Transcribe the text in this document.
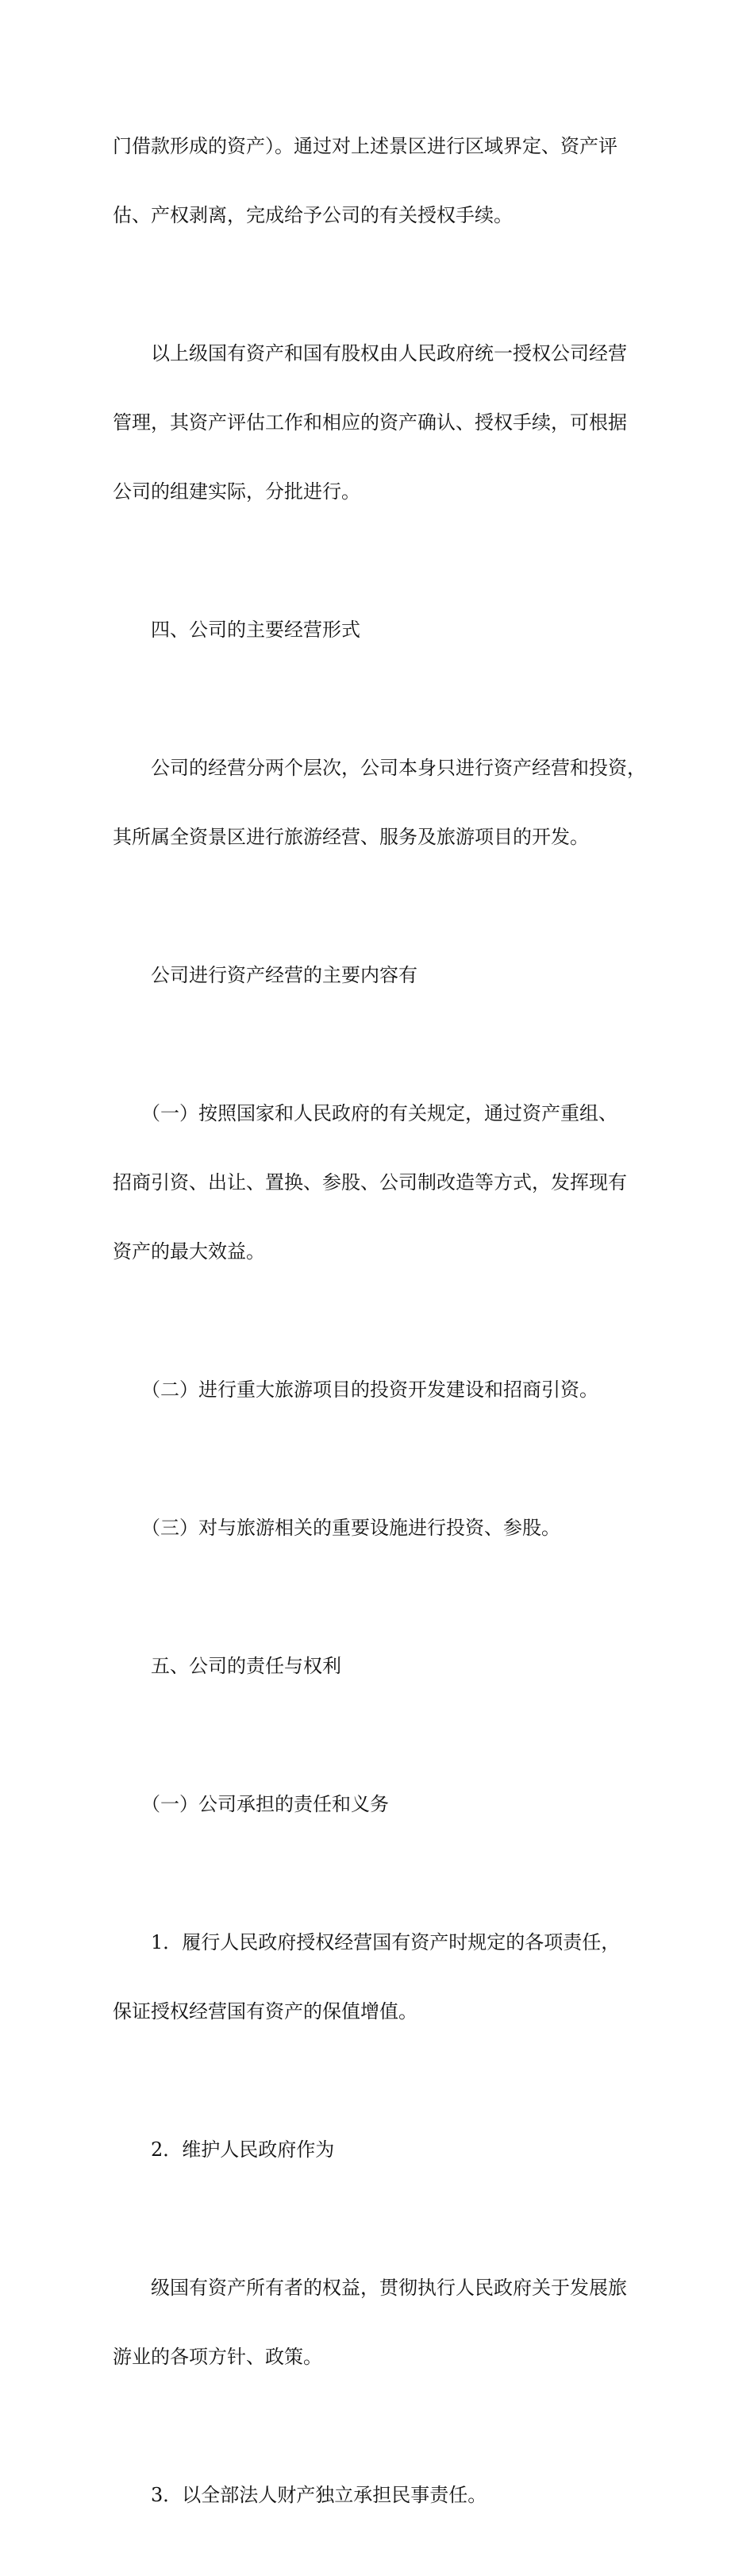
门借款形成的资产）。通过对上述景区进行区域界定、资产评

估、产权剥离，完成给予公司的有关授权手续。

　　以上级国有资产和国有股权由人民政府统一授权公司经营

管理，其资产评估工作和相应的资产确认、授权手续，可根据

公司的组建实际，分批进行。

　　四、公司的主要经营形式

　　公司的经营分两个层次，公司本身只进行资产经营和投资，

其所属全资景区进行旅游经营、服务及旅游项目的开发。

　　公司进行资产经营的主要内容有

　　（一）按照国家和人民政府的有关规定，通过资产重组、

招商引资、出让、置换、参股、公司制改造等方式，发挥现有

资产的最大效益。

　　（二）进行重大旅游项目的投资开发建设和招商引资。

　　（三）对与旅游相关的重要设施进行投资、参股。

　　五、公司的责任与权利

　　（一）公司承担的责任和义务

　　1．履行人民政府授权经营国有资产时规定的各项责任，

保证授权经营国有资产的保值增值。

　　2．维护人民政府作为

　　级国有资产所有者的权益，贯彻执行人民政府关于发展旅

游业的各项方针、政策。

　　3．以全部法人财产独立承担民事责任。
